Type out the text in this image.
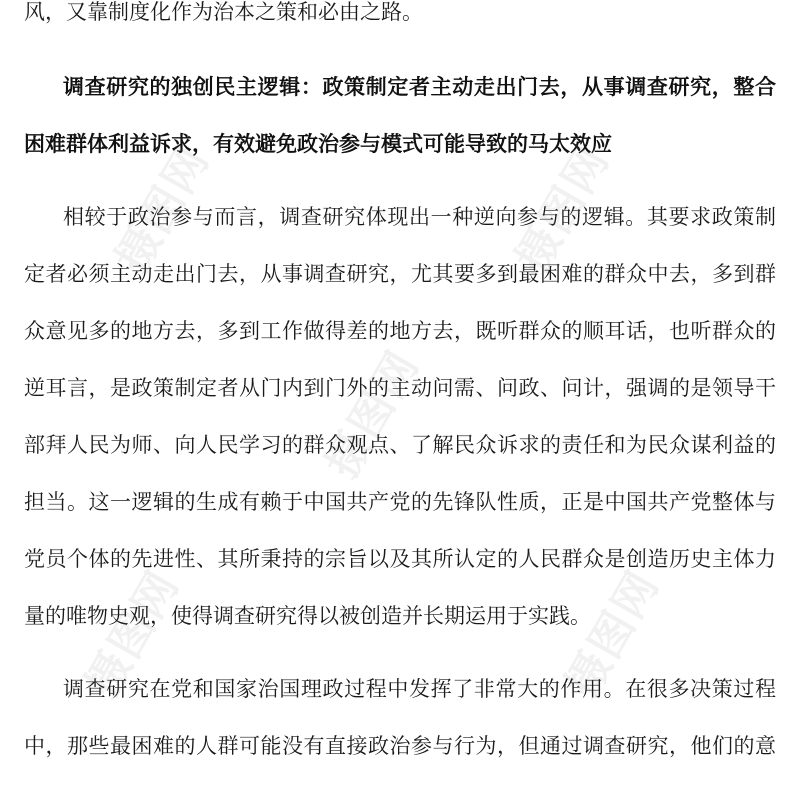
风，又靠制度化作为治本之策和必由之路。
调查研究的独创民主逻辑：政策制定者主动走出门去，从事调查研究，整合
困难群体利益诉求，有效避免政治参与模式可能导致的马太效应
相较于政治参与而言，调查研究体现出一种逆向参与的逻辑。其要求政策制
定者必须主动走出门去，从事调查研究，尤其要多到最困难的群众中去，多到群
众意见多的地方去，多到工作做得差的地方去，既听群众的顺耳话，也听群众的
逆耳言，是政策制定者从门内到门外的主动问需、问政、问计，强调的是领导干
部拜人民为师、向人民学习的群众观点、了解民众诉求的责任和为民众谋利益的
担当。这一逻辑的生成有赖于中国共产党的先锋队性质，正是中国共产党整体与
党员个体的先进性、其所秉持的宗旨以及其所认定的人民群众是创造历史主体力
量的唯物史观，使得调查研究得以被创造并长期运用于实践。
调查研究在党和国家治国理政过程中发挥了非常大的作用。在很多决策过程
中，那些最困难的人群可能没有直接政治参与行为，但通过调查研究，他们的意
摄图网	摄图网
摄图网
摄图网	摄图网
